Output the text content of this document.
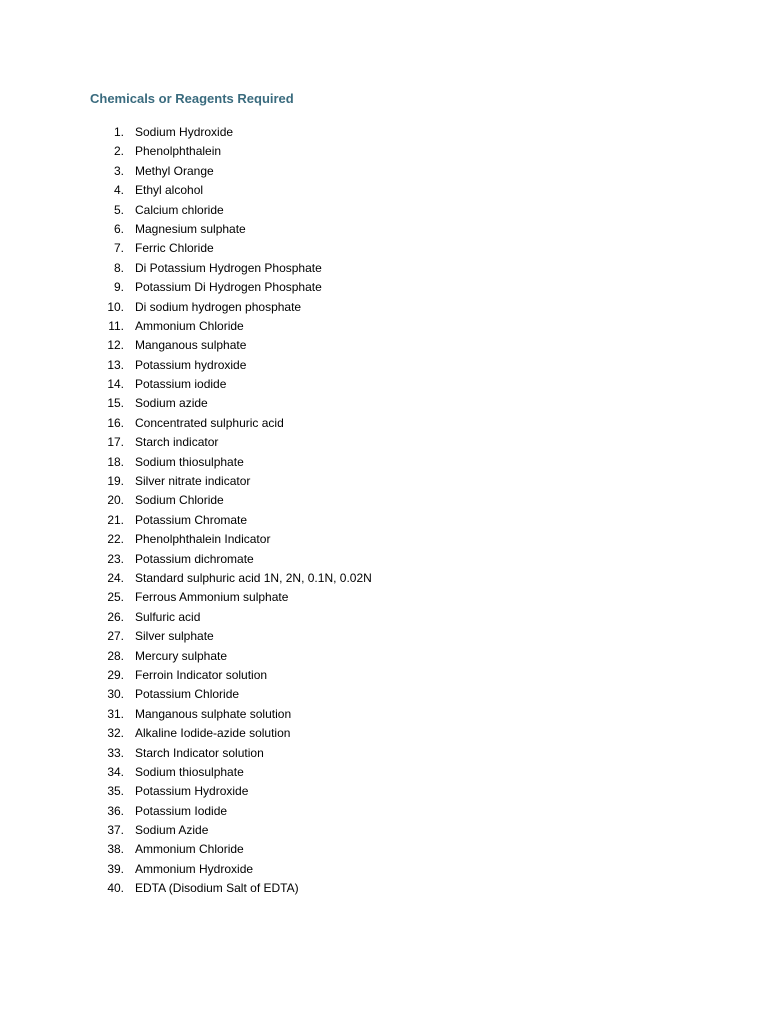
Chemicals or Reagents Required
1. Sodium Hydroxide
2. Phenolphthalein
3. Methyl Orange
4. Ethyl alcohol
5. Calcium chloride
6. Magnesium sulphate
7. Ferric Chloride
8. Di Potassium Hydrogen Phosphate
9. Potassium Di Hydrogen Phosphate
10. Di sodium hydrogen phosphate
11. Ammonium Chloride
12. Manganous sulphate
13. Potassium hydroxide
14. Potassium iodide
15. Sodium azide
16. Concentrated sulphuric acid
17. Starch indicator
18. Sodium thiosulphate
19. Silver nitrate indicator
20. Sodium Chloride
21. Potassium Chromate
22. Phenolphthalein Indicator
23. Potassium dichromate
24. Standard sulphuric acid 1N, 2N, 0.1N, 0.02N
25. Ferrous Ammonium sulphate
26. Sulfuric acid
27. Silver sulphate
28. Mercury sulphate
29. Ferroin Indicator solution
30. Potassium Chloride
31. Manganous sulphate solution
32. Alkaline Iodide-azide solution
33. Starch Indicator solution
34. Sodium thiosulphate
35. Potassium Hydroxide
36. Potassium Iodide
37. Sodium Azide
38. Ammonium Chloride
39. Ammonium Hydroxide
40. EDTA (Disodium Salt of EDTA)
